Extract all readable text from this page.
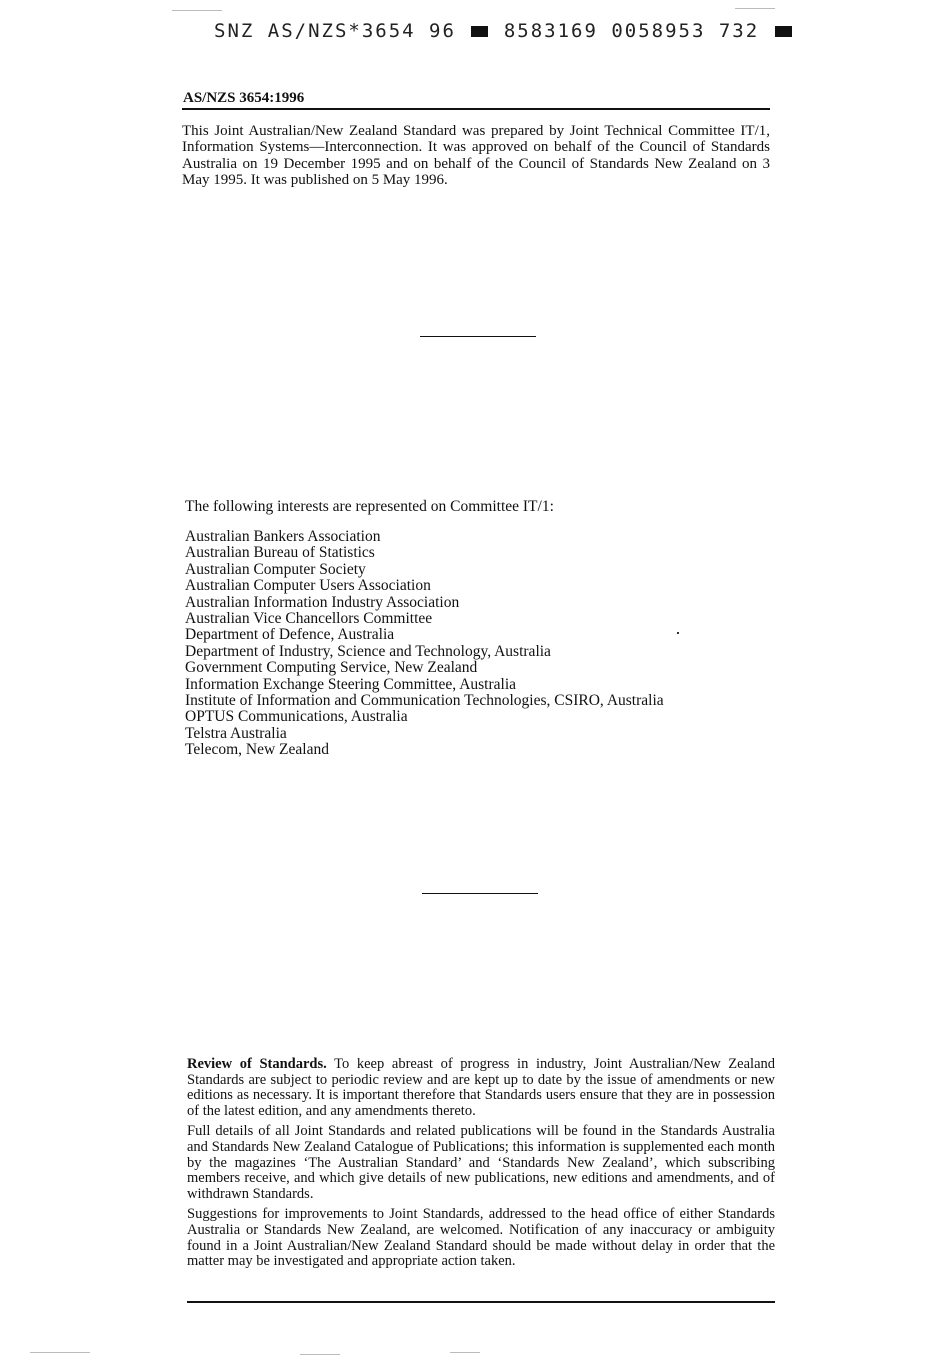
SNZ AS/NZS*3654 96	8583169 0058953 732
AS/NZS 3654:1996
This Joint Australian/New Zealand Standard was prepared by Joint Technical Committee IT/1, Information Systems—Interconnection. It was approved on behalf of the Council of Standards Australia on 19 December 1995 and on behalf of the Council of Standards New Zealand on 3 May 1995. It was published on 5 May 1996.
The following interests are represented on Committee IT/1:
Australian Bankers Association
Australian Bureau of Statistics
Australian Computer Society
Australian Computer Users Association
Australian Information Industry Association
Australian Vice Chancellors Committee
Department of Defence, Australia
Department of Industry, Science and Technology, Australia
Government Computing Service, New Zealand
Information Exchange Steering Committee, Australia
Institute of Information and Communication Technologies, CSIRO, Australia
OPTUS Communications, Australia
Telstra Australia
Telecom, New Zealand

Review of Standards. To keep abreast of progress in industry, Joint Australian/New Zealand Standards are subject to periodic review and are kept up to date by the issue of amendments or new editions as necessary. It is important therefore that Standards users ensure that they are in possession of the latest edition, and any amendments thereto.

Full details of all Joint Standards and related publications will be found in the Standards Australia and Standards New Zealand Catalogue of Publications; this information is supplemented each month by the magazines ‘The Australian Standard’ and ‘Standards New Zealand’, which subscribing members receive, and which give details of new publications, new editions and amendments, and of withdrawn Standards.

Suggestions for improvements to Joint Standards, addressed to the head office of either Standards Australia or Standards New Zealand, are welcomed. Notification of any inaccuracy or ambiguity found in a Joint Australian/New Zealand Standard should be made without delay in order that the matter may be investigated and appropriate action taken.
